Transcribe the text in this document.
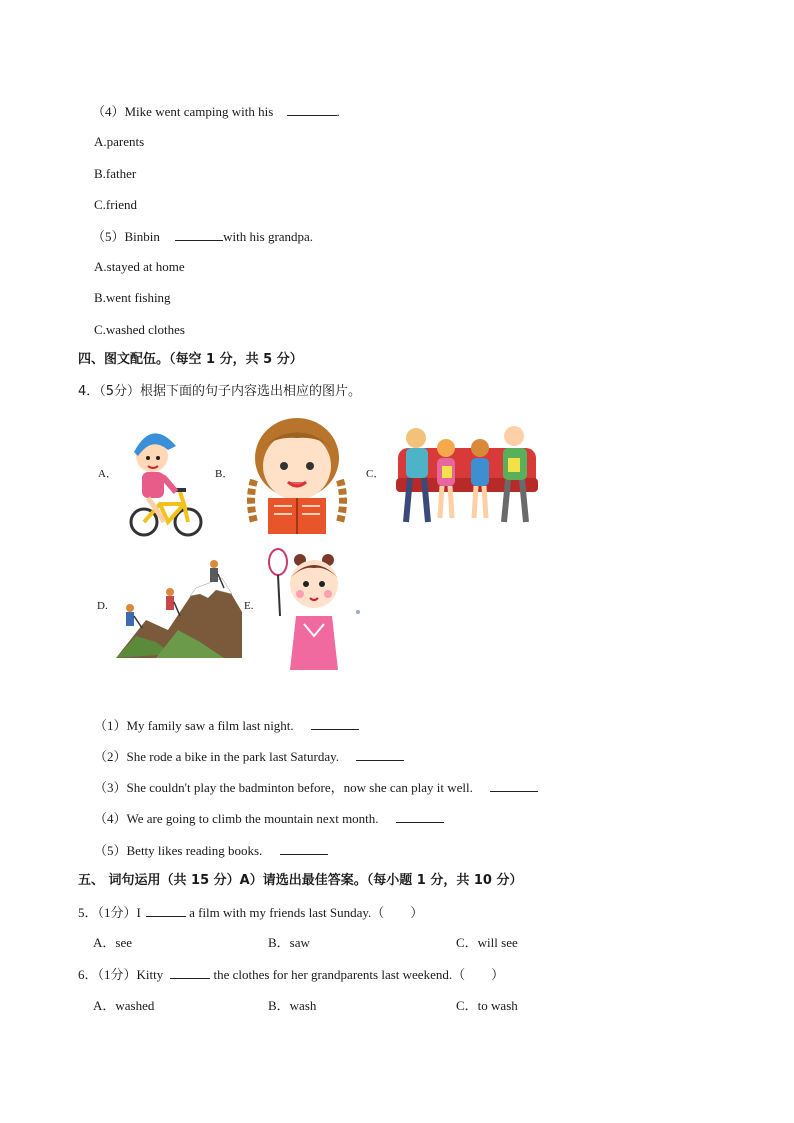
（4）Mike went camping with his	.
A.parents
B.father
C.friend
（5）Binbin	with his grandpa.
A.stayed at home
B.went fishing
C.washed clothes
四、图文配伍。（每空 1 分，共 5 分）
4．（5分）根据下面的句子内容选出相应的图片。
A．	B．	C．
D.	E.
（1）My family saw a film last night.
（2）She rode a bike in the park last Saturday.
（3）She couldn't play the badminton before，now she can play it well.
（4）We are going to climb the mountain next month.
（5）Betty likes reading books.
五、 词句运用（共 15 分）A）请选出最佳答案。（每小题 1 分，共 10 分）
5．（1分）I	a film with my friends last Sunday.（　　）
A．see	B．saw	C．will see
6．（1分）Kitty	the clothes for her grandparents last weekend.（　　）
A．washed	B．wash	C．to wash
